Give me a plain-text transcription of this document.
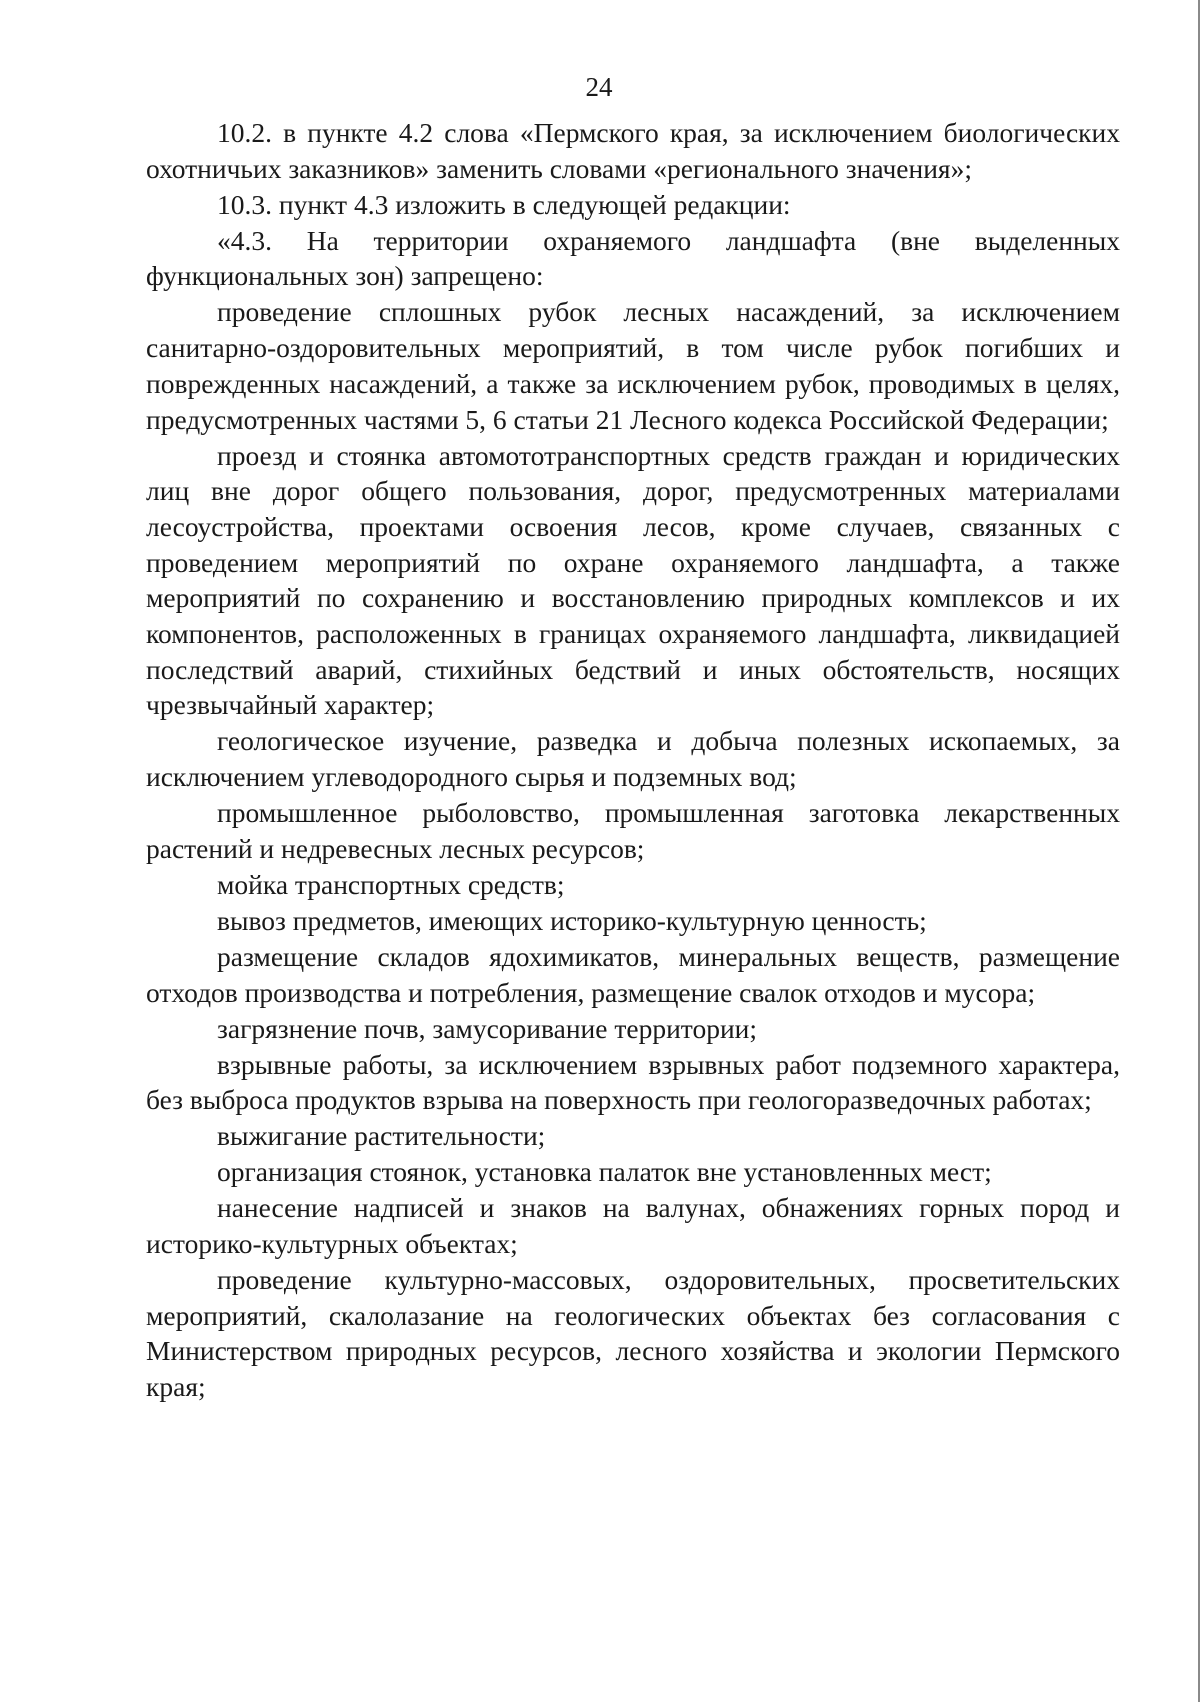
24

10.2. в пункте 4.2 слова «Пермского края, за исключением биологических охотничьих заказников» заменить словами «регионального значения»;

10.3. пункт 4.3 изложить в следующей редакции:

«4.3. На территории охраняемого ландшафта (вне выделенных функциональных зон) запрещено:

проведение сплошных рубок лесных насаждений, за исключением санитарно-оздоровительных мероприятий, в том числе рубок погибших и поврежденных насаждений, а также за исключением рубок, проводимых в целях, предусмотренных частями 5, 6 статьи 21 Лесного кодекса Российской Федерации;

проезд и стоянка автомототранспортных средств граждан и юридических лиц вне дорог общего пользования, дорог, предусмотренных материалами лесоустройства, проектами освоения лесов, кроме случаев, связанных с проведением мероприятий по охране охраняемого ландшафта, а также мероприятий по сохранению и восстановлению природных комплексов и их компонентов, расположенных в границах охраняемого ландшафта, ликвидацией последствий аварий, стихийных бедствий и иных обстоятельств, носящих чрезвычайный характер;

геологическое изучение, разведка и добыча полезных ископаемых, за исключением углеводородного сырья и подземных вод;

промышленное рыболовство, промышленная заготовка лекарственных растений и недревесных лесных ресурсов;

мойка транспортных средств;

вывоз предметов, имеющих историко-культурную ценность;

размещение складов ядохимикатов, минеральных веществ, размещение отходов производства и потребления, размещение свалок отходов и мусора;

загрязнение почв, замусоривание территории;

взрывные работы, за исключением взрывных работ подземного характера, без выброса продуктов взрыва на поверхность при геологоразведочных работах;

выжигание растительности;

организация стоянок, установка палаток вне установленных мест;

нанесение надписей и знаков на валунах, обнажениях горных пород и историко-культурных объектах;

проведение культурно-массовых, оздоровительных, просветительских мероприятий, скалолазание на геологических объектах без согласования с Министерством природных ресурсов, лесного хозяйства и экологии Пермского края;
